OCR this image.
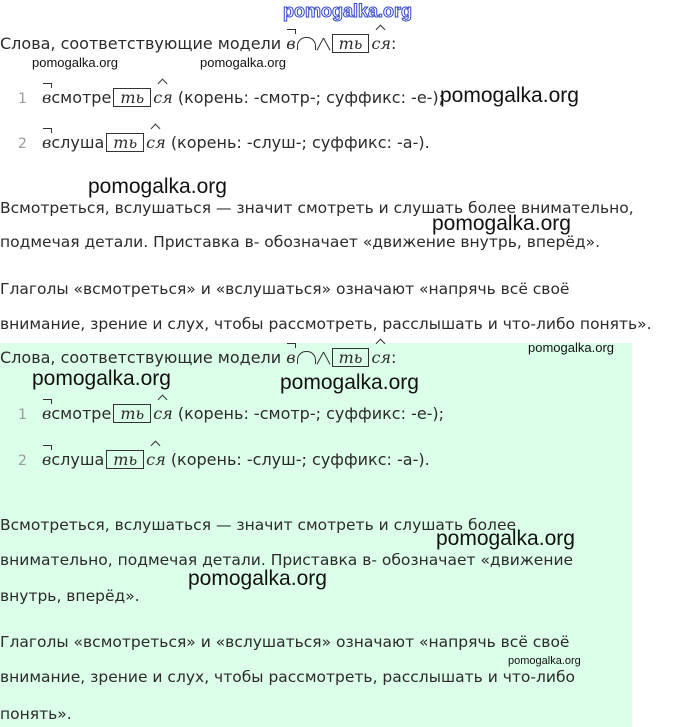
pomogalka.org
Слова, соответствующие модели в	ть ся:
pomogalka.org	pomogalka.org
1 всмотре ть ся (корень: -смотр-; суффикс: -е-);
pomogalka.org
2 вслуша ть ся (корень: -слуш-; суффикс: -а-).
pomogalka.org
Всмотреться, вслушаться — значит смотреть и слушать более внимательно,
pomogalka.org
подмечая детали. Приставка в- обозначает «движение внутрь, вперёд».
Глаголы «всмотреться» и «вслушаться» означают «напрячь всё своё
внимание, зрение и слух, чтобы рассмотреть, расслышать и что-либо понять».
pomogalka.org
Слова, соответствующие модели в	ть ся:
pomogalka.org	pomogalka.org
1 всмотре ть ся (корень: -смотр-; суффикс: -е-);
2 вслуша ть ся (корень: -слуш-; суффикс: -а-).
Всмотреться, вслушаться — значит смотреть и слушать более
pomogalka.org
внимательно, подмечая детали. Приставка в- обозначает «движение
pomogalka.org
внутрь, вперёд».
Глаголы «всмотреться» и «вслушаться» означают «напрячь всё своё
pomogalka.org
внимание, зрение и слух, чтобы рассмотреть, расслышать и что-либо
понять».
